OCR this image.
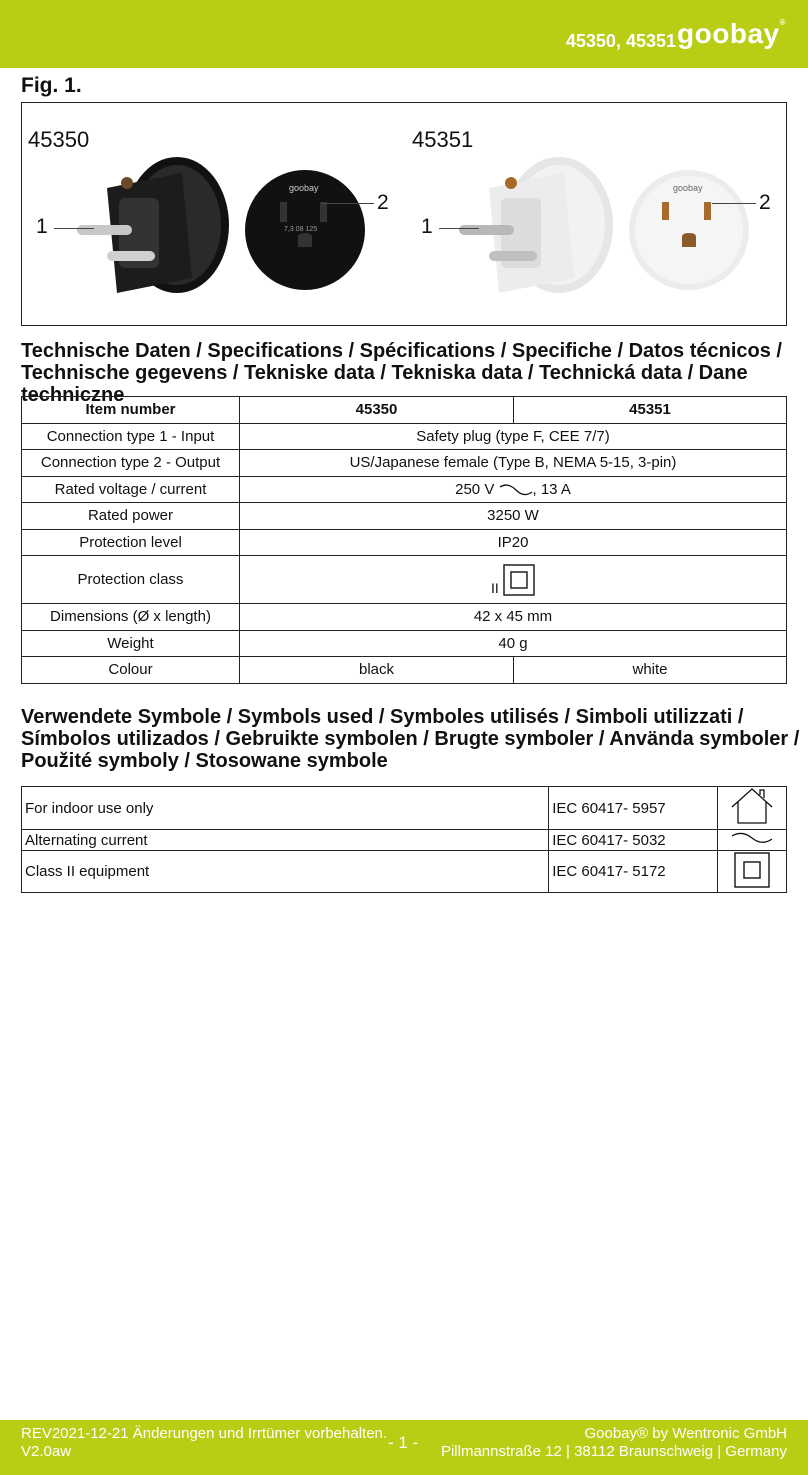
45350, 45351 goobay®
Fig. 1.
45350	45351
goobay
7,3 08 125
goobay
1
2
1
2
Technische Daten / Specifications / Spécifications / Specifiche / Datos técnicos /
Technische gegevens / Tekniske data / Tekniska data / Technická data / Dane techniczne
Item number	45350	45351
Connection type 1 - Input	Safety plug (type F, CEE 7/7)	
Connection type 2 - Output	US/Japanese female (Type B, NEMA 5-15, 3-pin)	
Rated voltage / current	250 V , 13 A	
Rated power	3250 W	
Protection level	IP20	
Protection class	II	
Dimensions (Ø x length)	42 x 45 mm	
Weight	40 g	
Colour	black	white
Verwendete Symbole / Symbols used / Symboles utilisés / Simboli utilizzati /
Símbolos utilizados / Gebruikte symbolen / Brugte symboler / Använda symboler /
Použité symboly / Stosowane symbole
For indoor use only	IEC 60417- 5957	
Alternating current	IEC 60417- 5032	
Class II equipment	IEC 60417- 5172	
REV2021-12-21 Änderungen und Irrtümer vorbehalten.
V2.0aw	- 1 -	Goobay® by Wentronic GmbH
Pillmannstraße 12 | 38112 Braunschweig | Germany
